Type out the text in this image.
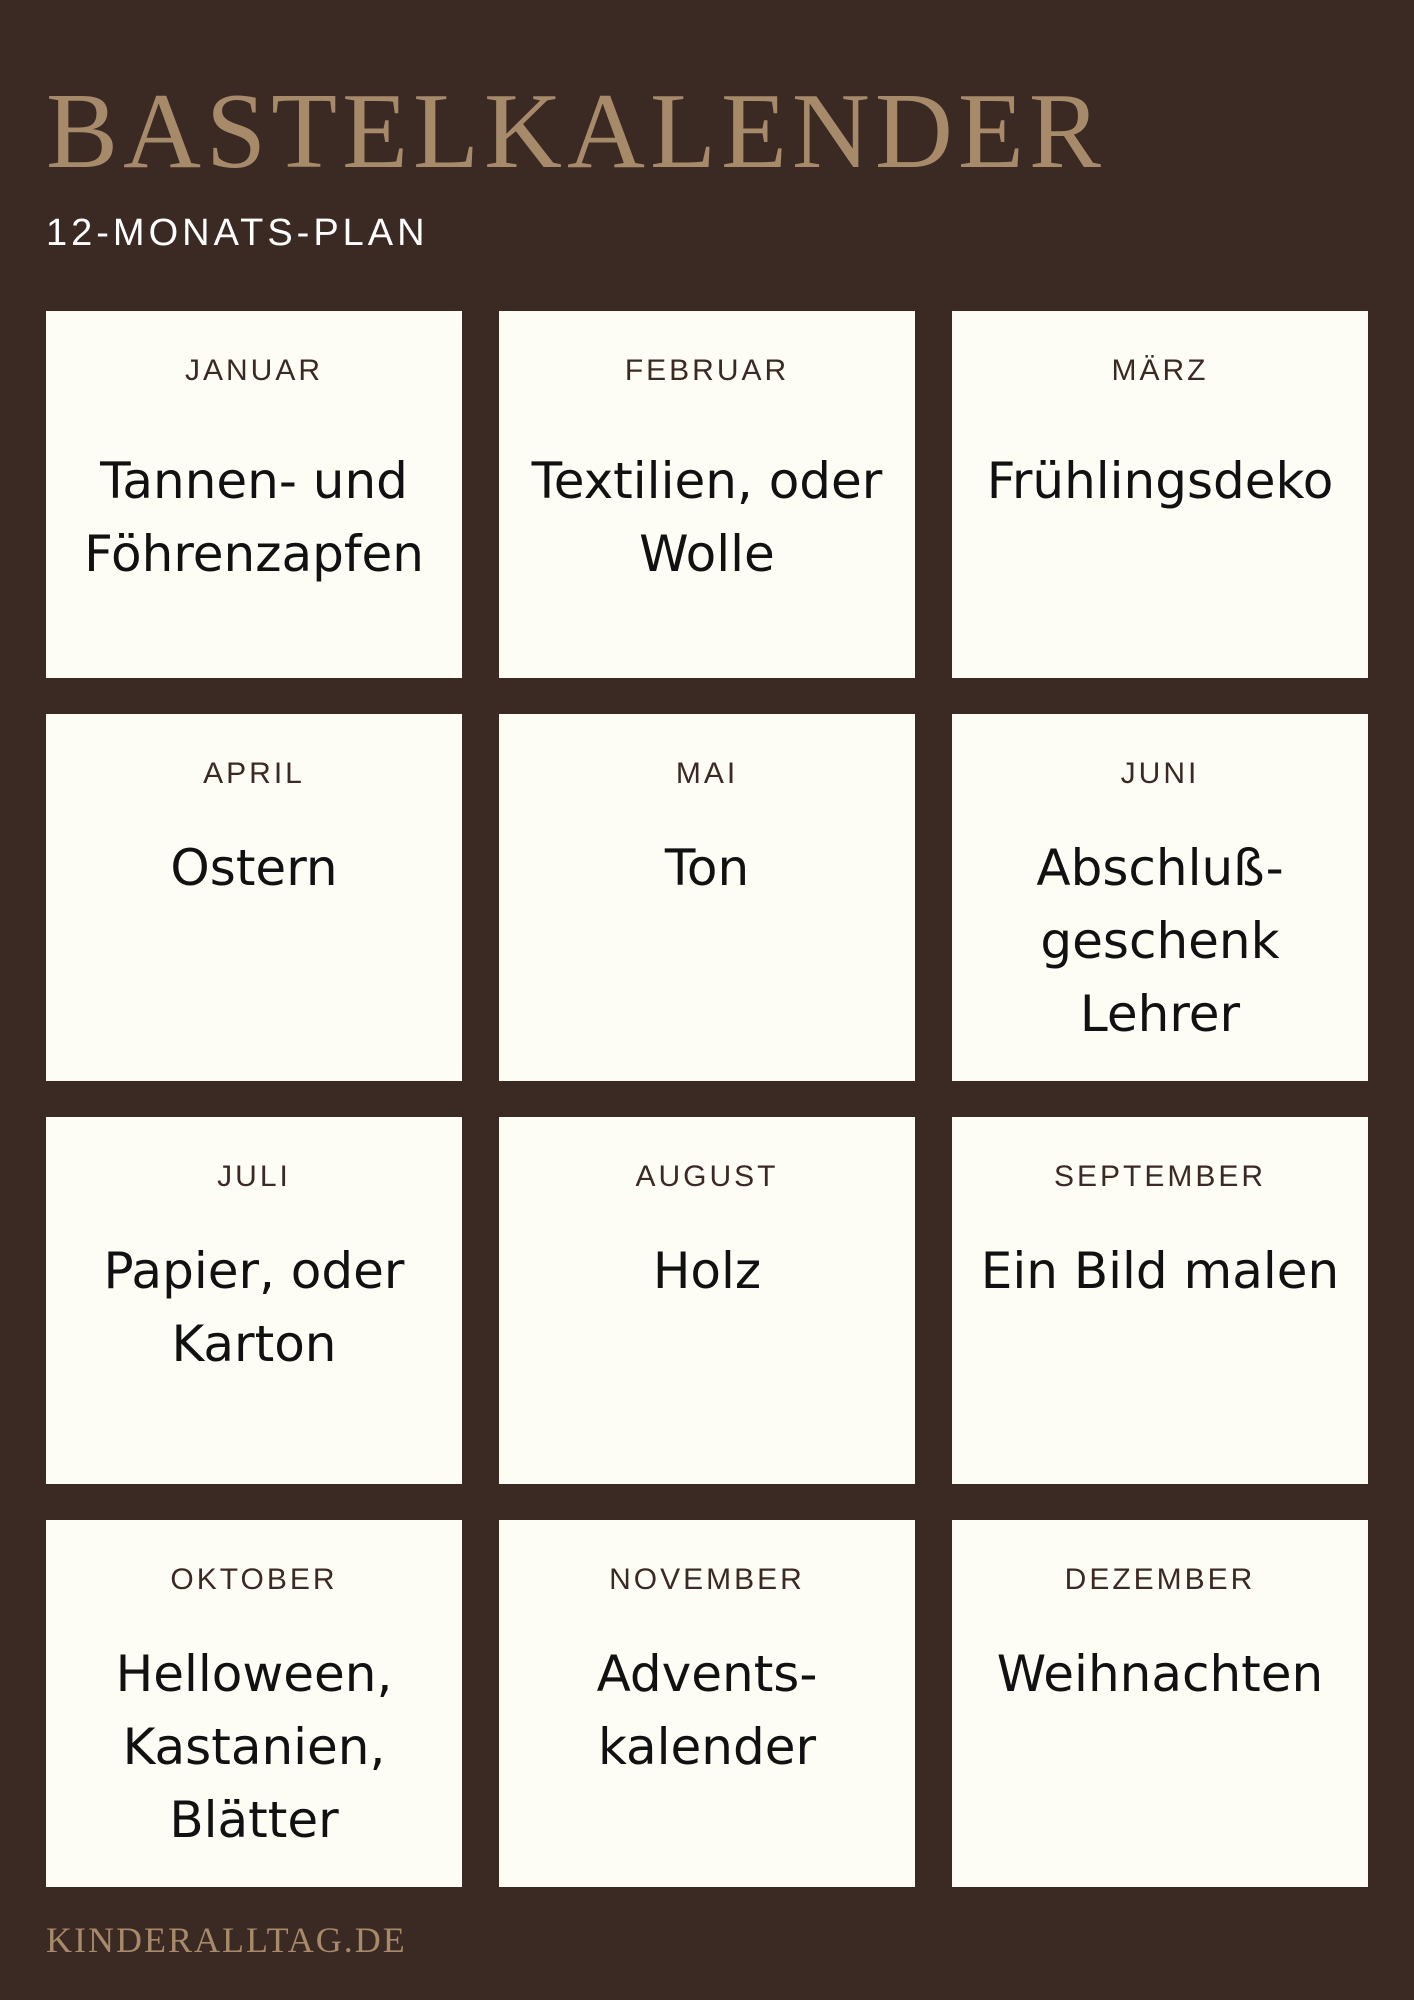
BASTELKALENDER
12-MONATS-PLAN
JANUAR
Tannen- und
Föhrenzapfen
FEBRUAR
Textilien, oder
Wolle
MÄRZ
Frühlingsdeko
APRIL
Ostern
MAI
Ton
JUNI
Abschluß-
geschenk
Lehrer
JULI
Papier, oder
Karton
AUGUST
Holz
SEPTEMBER
Ein Bild malen
OKTOBER
Helloween,
Kastanien,
Blätter
NOVEMBER
Advents-
kalender
DEZEMBER
Weihnachten
KINDERALLTAG.DE
